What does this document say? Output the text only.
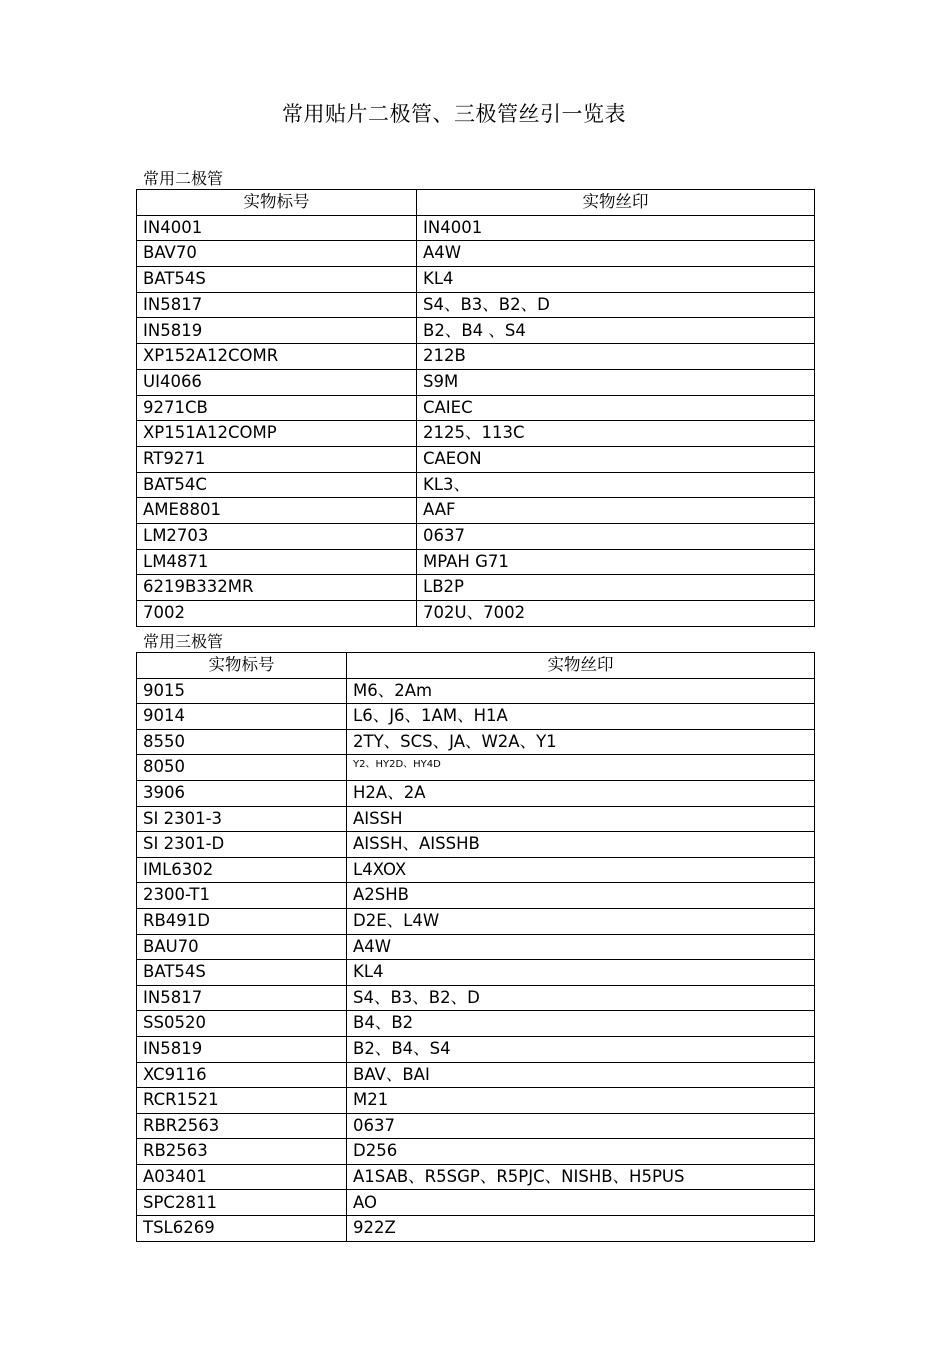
常用贴片二极管、三极管丝引一览表
常用二极管
实物标号	实物丝印
IN4001	IN4001
BAV70	A4W
BAT54S	KL4
IN5817	S4、B3、B2、D
IN5819	B2、B4 、S4
XP152A12COMR	212B
UI4066	S9M
9271CB	CAIEC
XP151A12COMP	2125、113C
RT9271	CAEON
BAT54C	KL3、
AME8801	AAF
LM2703	0637
LM4871	MPAH G71
6219B332MR	LB2P
7002	702U、7002
常用三极管
实物标号	实物丝印
9015	M6、2Am
9014	L6、J6、1AM、H1A
8550	2TY、SCS、JA、W2A、Y1
8050	Y2、HY2D、HY4D
3906	H2A、2A
SI 2301-3	AISSH
SI 2301-D	AISSH、AISSHB
IML6302	L4XOX
2300-T1	A2SHB
RB491D	D2E、L4W
BAU70	A4W
BAT54S	KL4
IN5817	S4、B3、B2、D
SS0520	B4、B2
IN5819	B2、B4、S4
XC9116	BAV、BAI
RCR1521	M21
RBR2563	0637
RB2563	D256
A03401	A1SAB、R5SGP、R5PJC、NISHB、H5PUS
SPC2811	AO
TSL6269	922Z
